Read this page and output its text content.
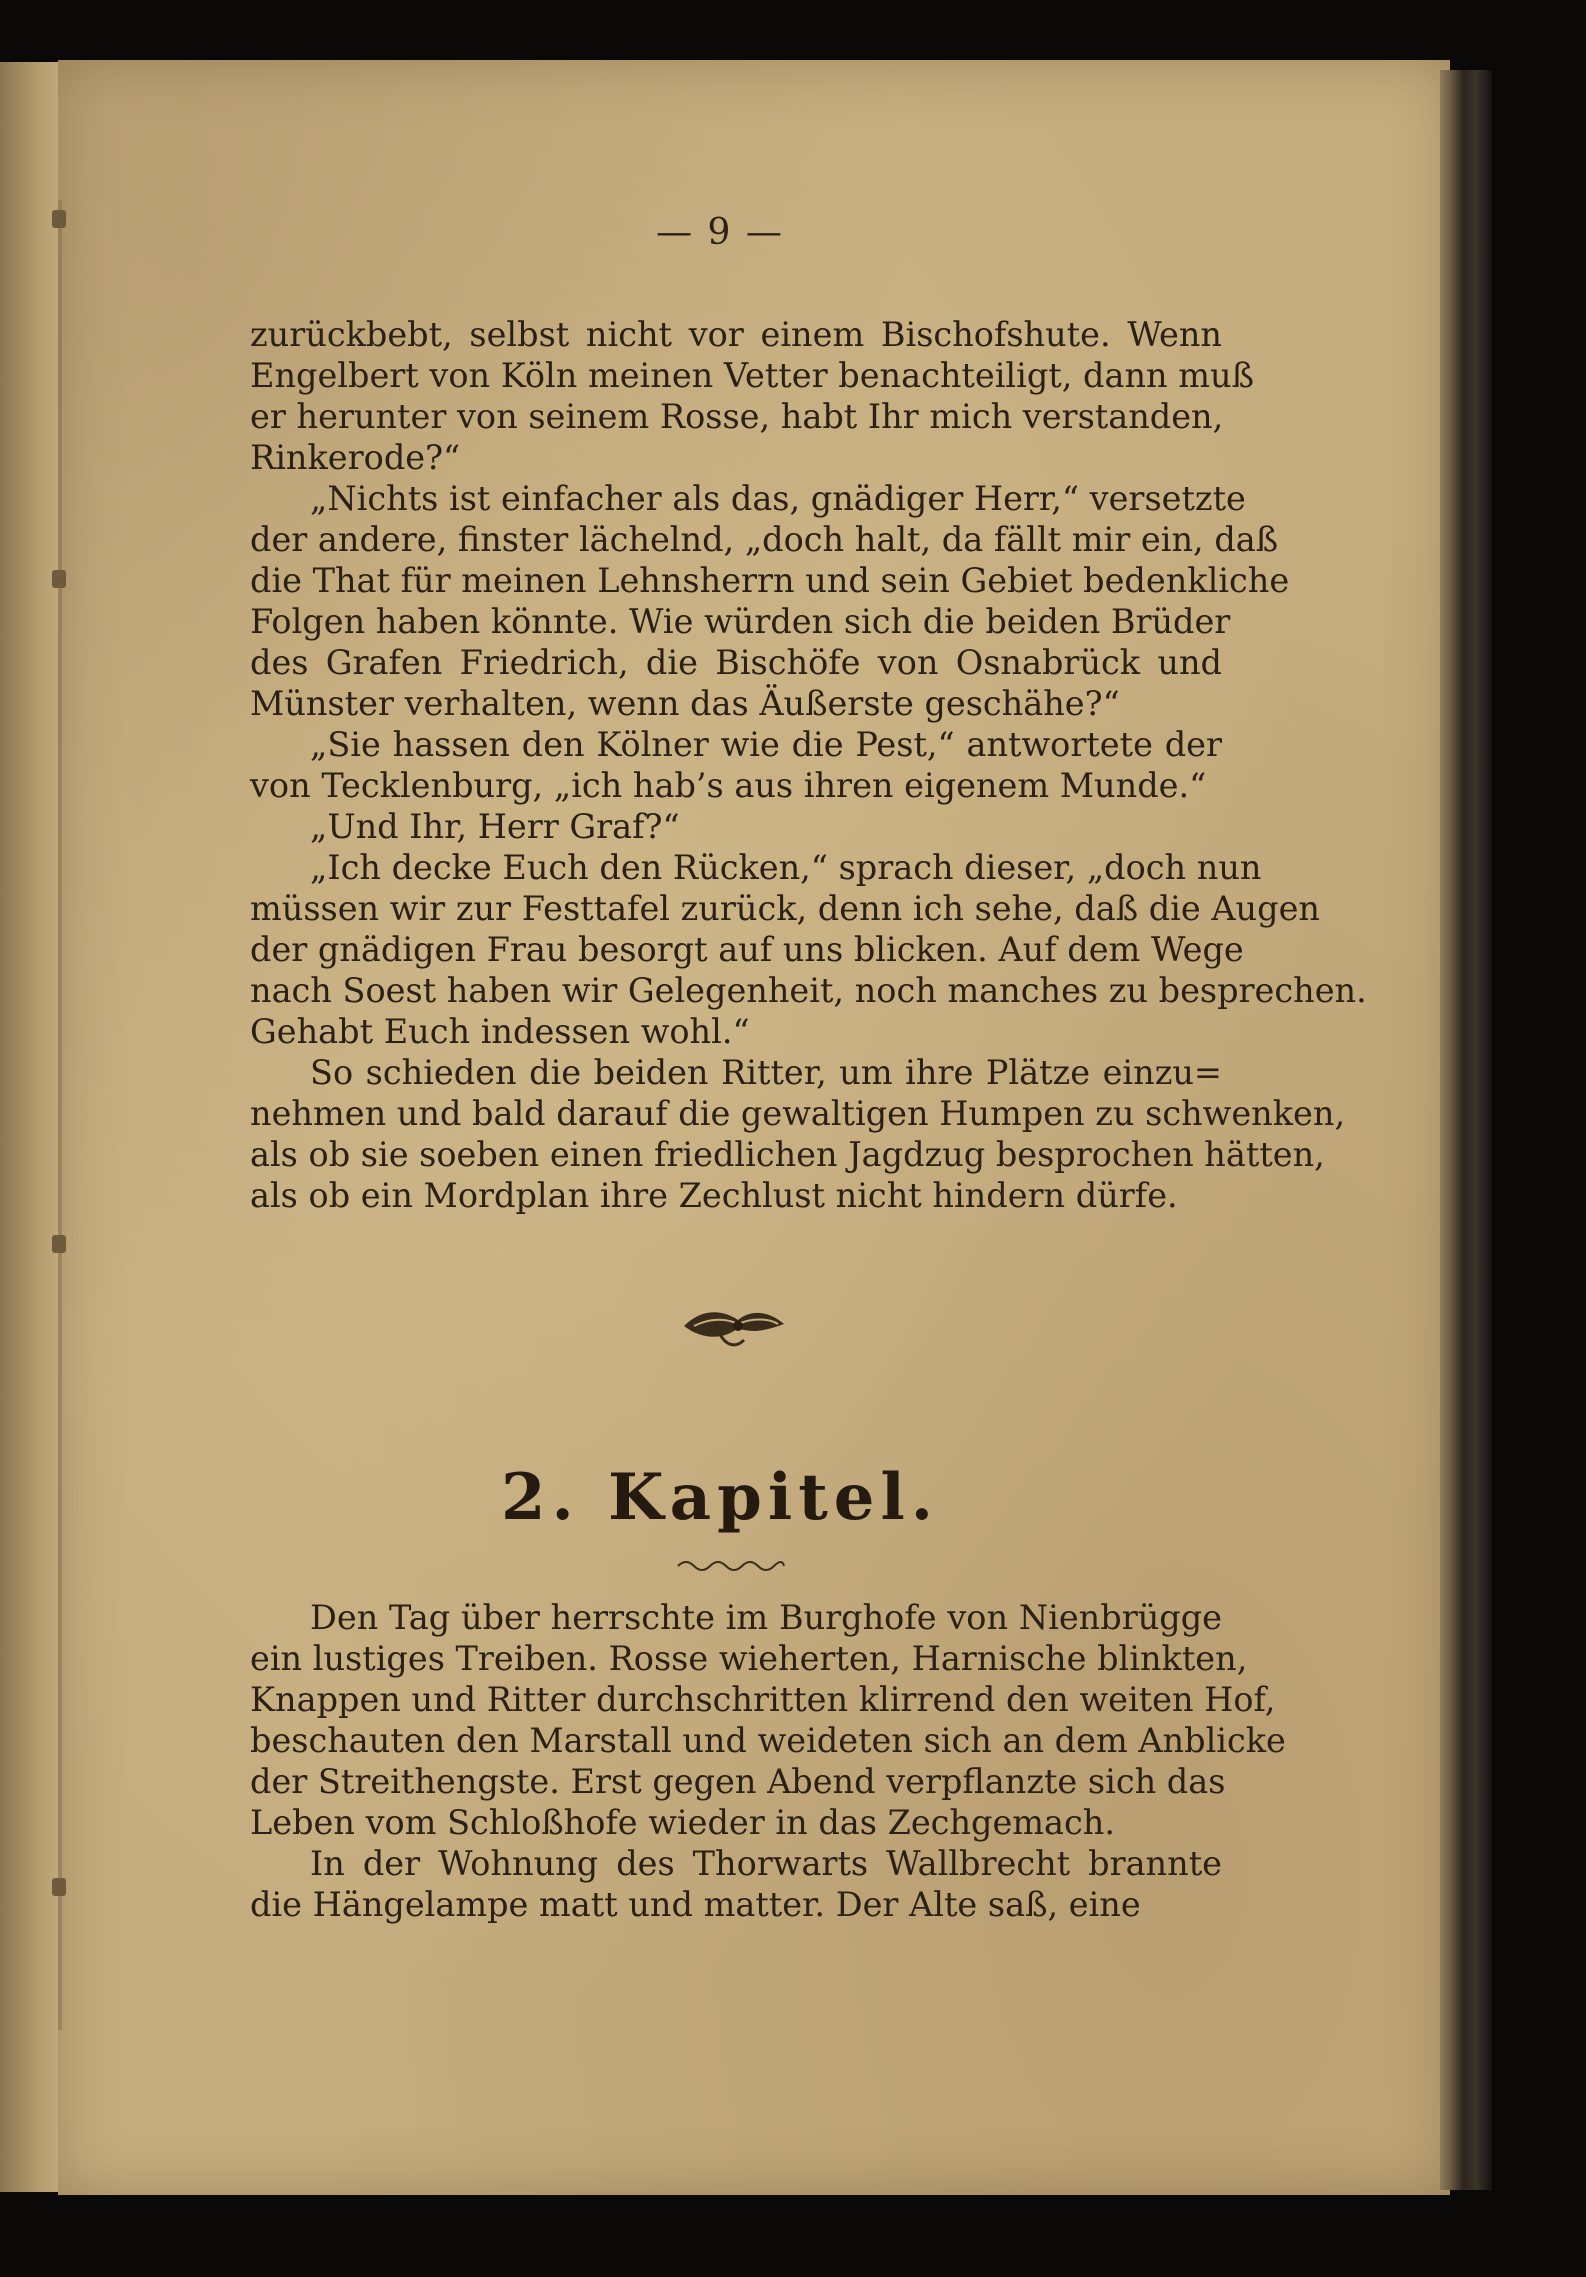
— 9 —
zurückbebt, selbst nicht vor einem Bischofshute. Wenn
Engelbert von Köln meinen Vetter benachteiligt, dann muß
er herunter von seinem Rosse, habt Ihr mich verstanden,
Rinkerode?“
„Nichts ist einfacher als das, gnädiger Herr,“ versetzte
der andere, finster lächelnd, „doch halt, da fällt mir ein, daß
die That für meinen Lehnsherrn und sein Gebiet bedenkliche
Folgen haben könnte. Wie würden sich die beiden Brüder
des Grafen Friedrich, die Bischöfe von Osnabrück und
Münster verhalten, wenn das Äußerste geschähe?“
„Sie hassen den Kölner wie die Pest,“ antwortete der
von Tecklenburg, „ich hab’s aus ihren eigenem Munde.“
„Und Ihr, Herr Graf?“
„Ich decke Euch den Rücken,“ sprach dieser, „doch nun
müssen wir zur Festtafel zurück, denn ich sehe, daß die Augen
der gnädigen Frau besorgt auf uns blicken. Auf dem Wege
nach Soest haben wir Gelegenheit, noch manches zu besprechen.
Gehabt Euch indessen wohl.“
So schieden die beiden Ritter, um ihre Plätze einzu=
nehmen und bald darauf die gewaltigen Humpen zu schwenken,
als ob sie soeben einen friedlichen Jagdzug besprochen hätten,
als ob ein Mordplan ihre Zechlust nicht hindern dürfe.
2. Kapitel.
Den Tag über herrschte im Burghofe von Nienbrügge
ein lustiges Treiben. Rosse wieherten, Harnische blinkten,
Knappen und Ritter durchschritten klirrend den weiten Hof,
beschauten den Marstall und weideten sich an dem Anblicke
der Streithengste. Erst gegen Abend verpflanzte sich das
Leben vom Schloßhofe wieder in das Zechgemach.
In der Wohnung des Thorwarts Wallbrecht brannte
die Hängelampe matt und matter. Der Alte saß, eine
